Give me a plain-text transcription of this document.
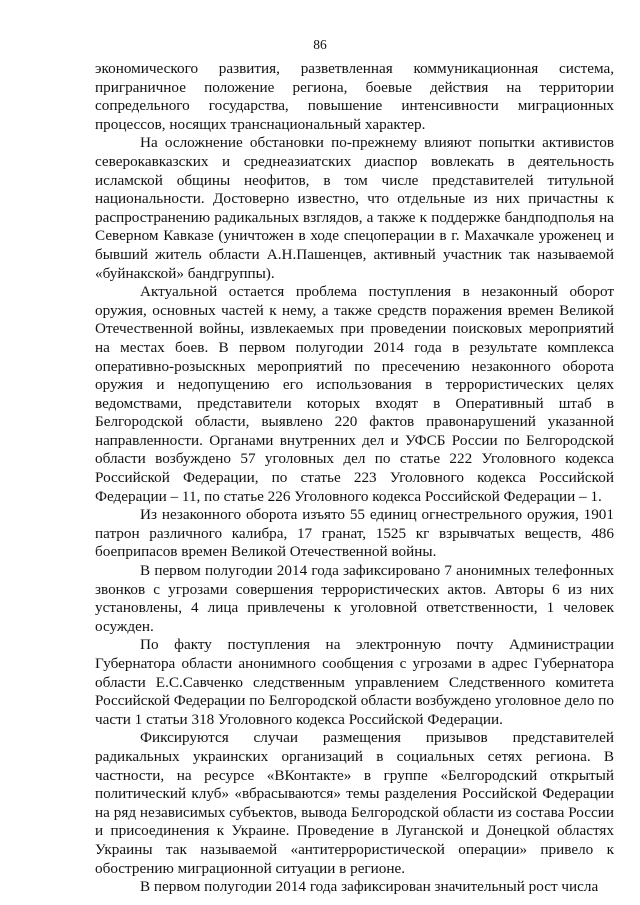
86

экономического развития, разветвленная коммуникационная система, приграничное положение региона, боевые действия на территории сопредельного государства, повышение интенсивности миграционных процессов, носящих транснациональный характер.

На осложнение обстановки по-прежнему влияют попытки активистов северокавказских и среднеазиатских диаспор вовлекать в деятельность исламской общины неофитов, в том числе представителей титульной национальности. Достоверно известно, что отдельные из них причастны к распространению радикальных взглядов, а также к поддержке бандподполья на Северном Кавказе (уничтожен в ходе спецоперации в г. Махачкале уроженец и бывший житель области А.Н.Пашенцев, активный участник так называемой «буйнакской» бандгруппы).

Актуальной остается проблема поступления в незаконный оборот оружия, основных частей к нему, а также средств поражения времен Великой Отечественной войны, извлекаемых при проведении поисковых мероприятий на местах боев. В первом полугодии 2014 года в результате комплекса оперативно-розыскных мероприятий по пресечению незаконного оборота оружия и недопущению его использования в террористических целях ведомствами, представители которых входят в Оперативный штаб в Белгородской области, выявлено 220 фактов правонарушений указанной направленности. Органами внутренних дел и УФСБ России по Белгородской области возбуждено 57 уголовных дел по статье 222 Уголовного кодекса Российской Федерации, по статье 223 Уголовного кодекса Российской Федерации – 11, по статье 226 Уголовного кодекса Российской Федерации – 1.

Из незаконного оборота изъято 55 единиц огнестрельного оружия, 1901 патрон различного калибра, 17 гранат, 1525 кг взрывчатых веществ, 486 боеприпасов времен Великой Отечественной войны.

В первом полугодии 2014 года зафиксировано 7 анонимных телефонных звонков с угрозами совершения террористических актов. Авторы 6 из них установлены, 4 лица привлечены к уголовной ответственности, 1 человек осужден.

По факту поступления на электронную почту Администрации Губернатора области анонимного сообщения с угрозами в адрес Губернатора области Е.С.Савченко следственным управлением Следственного комитета Российской Федерации по Белгородской области возбуждено уголовное дело по части 1 статьи 318 Уголовного кодекса Российской Федерации.

Фиксируются случаи размещения призывов представителей радикальных украинских организаций в социальных сетях региона. В частности, на ресурсе «ВКонтакте» в группе «Белгородский открытый политический клуб» «вбрасываются» темы разделения Российской Федерации на ряд независимых субъектов, вывода Белгородской области из состава России и присоединения к Украине. Проведение в Луганской и Донецкой областях Украины так называемой «антитеррористической операции» привело к обострению миграционной ситуации в регионе.

В первом полугодии 2014 года зафиксирован значительный рост числа
